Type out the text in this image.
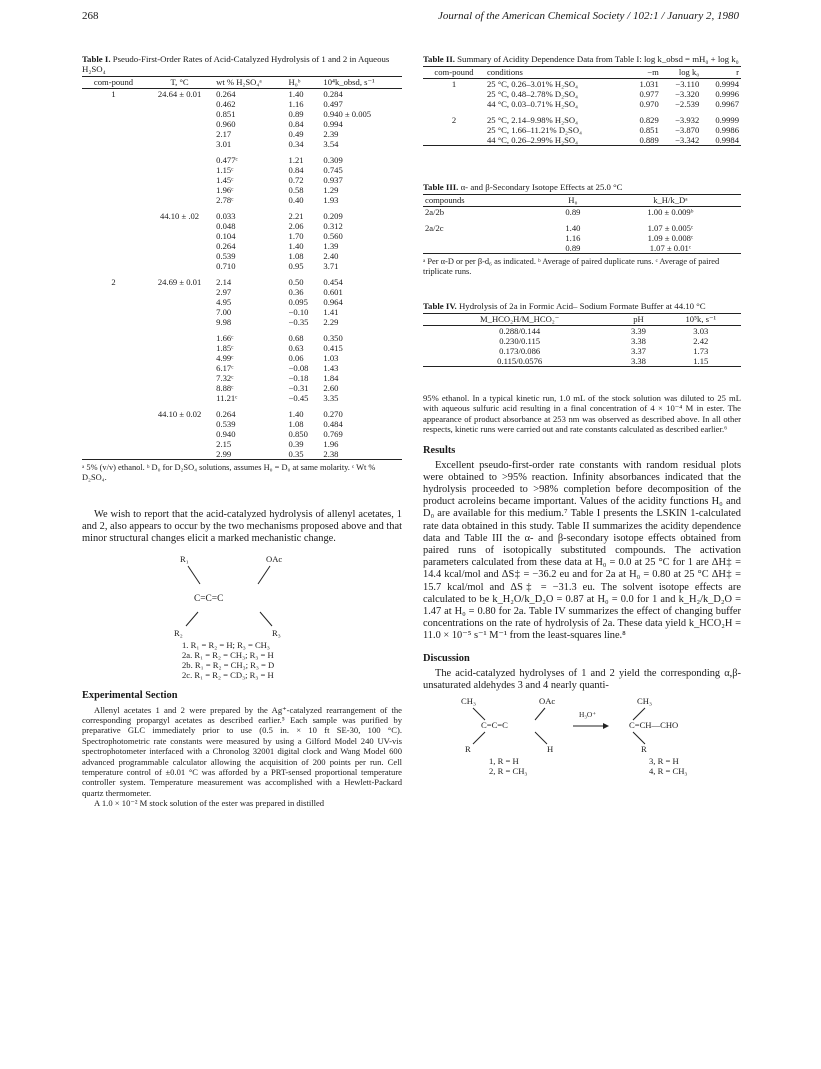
268	Journal of the American Chemical Society / 102:1 / January 2, 1980

Table I. Pseudo-First-Order Rates of Acid-Catalyzed Hydrolysis of 1 and 2 in Aqueous H₂SO₄

com-pound	T, °C	wt % H₂SO₄ᵃ	H₀ᵇ	10⁴k_obsd, s⁻¹
1	24.64 ± 0.01	0.264	1.40	0.284
		0.462	1.16	0.497
		0.851	0.89	0.940 ± 0.005
		0.960	0.84	0.994
		2.17	0.49	2.39
		3.01	0.34	3.54

		0.477ᶜ	1.21	0.309
		1.15ᶜ	0.84	0.745
		1.45ᶜ	0.72	0.937
		1.96ᶜ	0.58	1.29
		2.78ᶜ	0.40	1.93

	44.10 ± .02	0.033	2.21	0.209
		0.048	2.06	0.312
		0.104	1.70	0.560
		0.264	1.40	1.39
		0.539	1.08	2.40
		0.710	0.95	3.71

2	24.69 ± 0.01	2.14	0.50	0.454
		2.97	0.36	0.601
		4.95	0.095	0.964
		7.00	−0.10	1.41
		9.98	−0.35	2.29

		1.66ᶜ	0.68	0.350
		1.85ᶜ	0.63	0.415
		4.99ᶜ	0.06	1.03
		6.17ᶜ	−0.08	1.43
		7.32ᶜ	−0.18	1.84
		8.88ᶜ	−0.31	2.60
		11.21ᶜ	−0.45	3.35

	44.10 ± 0.02	0.264	1.40	0.270
		0.539	1.08	0.484
		0.940	0.850	0.769
		2.15	0.39	1.96
		2.99	0.35	2.38

ᵃ 5% (v/v) ethanol. ᵇ D₀ for D₂SO₄ solutions, assumes H₀ = D₀ at same molarity. ᶜ Wt % D₂SO₄.

We wish to report that the acid-catalyzed hydrolysis of allenyl acetates, 1 and 2, also appears to occur by the two mechanisms proposed above and that minor structural changes elicit a marked mechanistic change.

R₁	OAc
C=C=C
R₂	R₃
1. R₁ = R₂ = H; R₃ = CH₃
2a. R₁ = R₂ = CH₃; R₃ = H
2b. R₁ = R₂ = CH₃; R₃ = D
2c. R₁ = R₂ = CD₃; R₃ = H
Experimental Section

Allenyl acetates 1 and 2 were prepared by the Ag⁺-catalyzed rearrangement of the corresponding propargyl acetates as described earlier.⁵ Each sample was purified by preparative GLC immediately prior to use (0.5 in. × 10 ft SE-30, 100 °C). Spectrophotometric rate constants were measured by using a Gilford Model 240 UV-vis spectrophotometer interfaced with a Chronolog 32001 digital clock and Wang Model 600 advanced programmable calculator allowing the acquisition of 200 points per run. Cell temperature control of ±0.01 °C was afforded by a PRT-sensed proportional temperature controller system. Temperature measurement was accomplished with a Hewlett-Packard quartz thermometer.

A 1.0 × 10⁻² M stock solution of the ester was prepared in distilled

Table II. Summary of Acidity Dependence Data from Table I: log k_obsd = mH₀ + log k₀

com-pound	conditions	−m	log k₀	r
1	25 °C, 0.26–3.01% H₂SO₄	1.031	−3.110	0.9994
	25 °C, 0.48–2.78% D₂SO₄	0.977	−3.320	0.9996
	44 °C, 0.03–0.71% H₂SO₄	0.970	−2.539	0.9967

2	25 °C, 2.14–9.98% H₂SO₄	0.829	−3.932	0.9999
	25 °C, 1.66–11.21% D₂SO₄	0.851	−3.870	0.9986
	44 °C, 0.26–2.99% H₂SO₄	0.889	−3.342	0.9984

Table III. α- and β-Secondary Isotope Effects at 25.0 °C

compounds	H₀	k_H/k_Dᵃ
2a/2b	0.89	1.00 ± 0.009ᵇ

2a/2c	1.40	1.07 ± 0.005ᶜ
	1.16	1.09 ± 0.008ᶜ
	0.89	1.07 ± 0.01ᶜ

ᵃ Per α-D or per β-d₆ as indicated. ᵇ Average of paired duplicate runs. ᶜ Average of paired triplicate runs.

Table IV. Hydrolysis of 2a in Formic Acid– Sodium Formate Buffer at 44.10 °C

M_HCO₂H/M_HCO₂⁻	pH	10⁵k, s⁻¹
0.288/0.144	3.39	3.03
0.230/0.115	3.38	2.42
0.173/0.086	3.37	1.73
0.115/0.0576	3.38	1.15

95% ethanol. In a typical kinetic run, 1.0 mL of the stock solution was diluted to 25 mL with aqueous sulfuric acid resulting in a final concentration of 4 × 10⁻⁴ M in ester. The appearance of product absorbance at 253 nm was observed as described above. In all other respects, kinetic runs were carried out and rate constants calculated as described earlier.⁶

Results

Excellent pseudo-first-order rate constants with random residual plots were obtained to >95% reaction. Infinity absorbances indicated that the hydrolysis proceeded to >98% completion before decomposition of the product acroleins became important. Values of the acidity functions H₀ and D₀ are available for this medium.⁷ Table I presents the LSKIN 1-calculated rate data obtained in this study. Table II summarizes the acidity dependence data and Table III the α- and β-secondary isotope effects obtained from paired runs of isotopically substituted compounds. The activation parameters calculated from these data at H₀ = 0.0 at 25 °C for 1 are ΔH‡ = 14.4 kcal/mol and ΔS‡ = −36.2 eu and for 2a at H₀ = 0.80 at 25 °C ΔH‡ = 15.7 kcal/mol and ΔS‡ = −31.3 eu. The solvent isotope effects are calculated to be k_H₂O/k_D₂O = 0.87 at H₀ = 0.0 for 1 and k_H₂/k_D₂O = 1.47 at H₀ = 0.80 for 2a. Table IV summarizes the effect of changing buffer concentrations on the rate of hydrolysis of 2a. These data yield k_HCO₂H = 11.0 × 10⁻⁵ s⁻¹ M⁻¹ from the least-squares line.⁸

Discussion

The acid-catalyzed hydrolyses of 1 and 2 yield the corresponding α,β-unsaturated aldehydes 3 and 4 nearly quanti-

CH₃	OAc
C=C=C
R	H
H₃O⁺
CH₃
C=CH—CHO
R
1, R = H
2, R = CH₃
3, R = H
4, R = CH₃
